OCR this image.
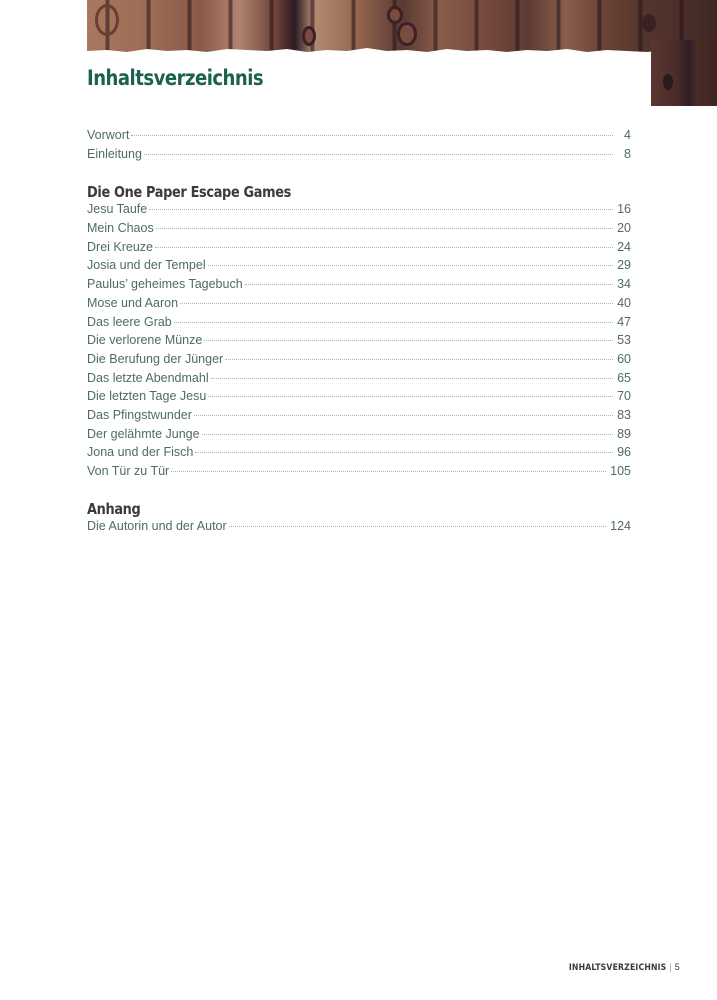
Inhaltsverzeichnis
Vorwort	4
Einleitung	8
Die One Paper Escape Games
Jesu Taufe	16
Mein Chaos	20
Drei Kreuze	24
Josia und der Tempel	29
Paulus’ geheimes Tagebuch	34
Mose und Aaron	40
Das leere Grab	47
Die verlorene Münze	53
Die Berufung der Jünger	60
Das letzte Abendmahl	65
Die letzten Tage Jesu	70
Das Pfingstwunder	83
Der gelähmte Junge	89
Jona und der Fisch	96
Von Tür zu Tür	105
Anhang
Die Autorin und der Autor	124
INHALTSVERZEICHNIS | 5
